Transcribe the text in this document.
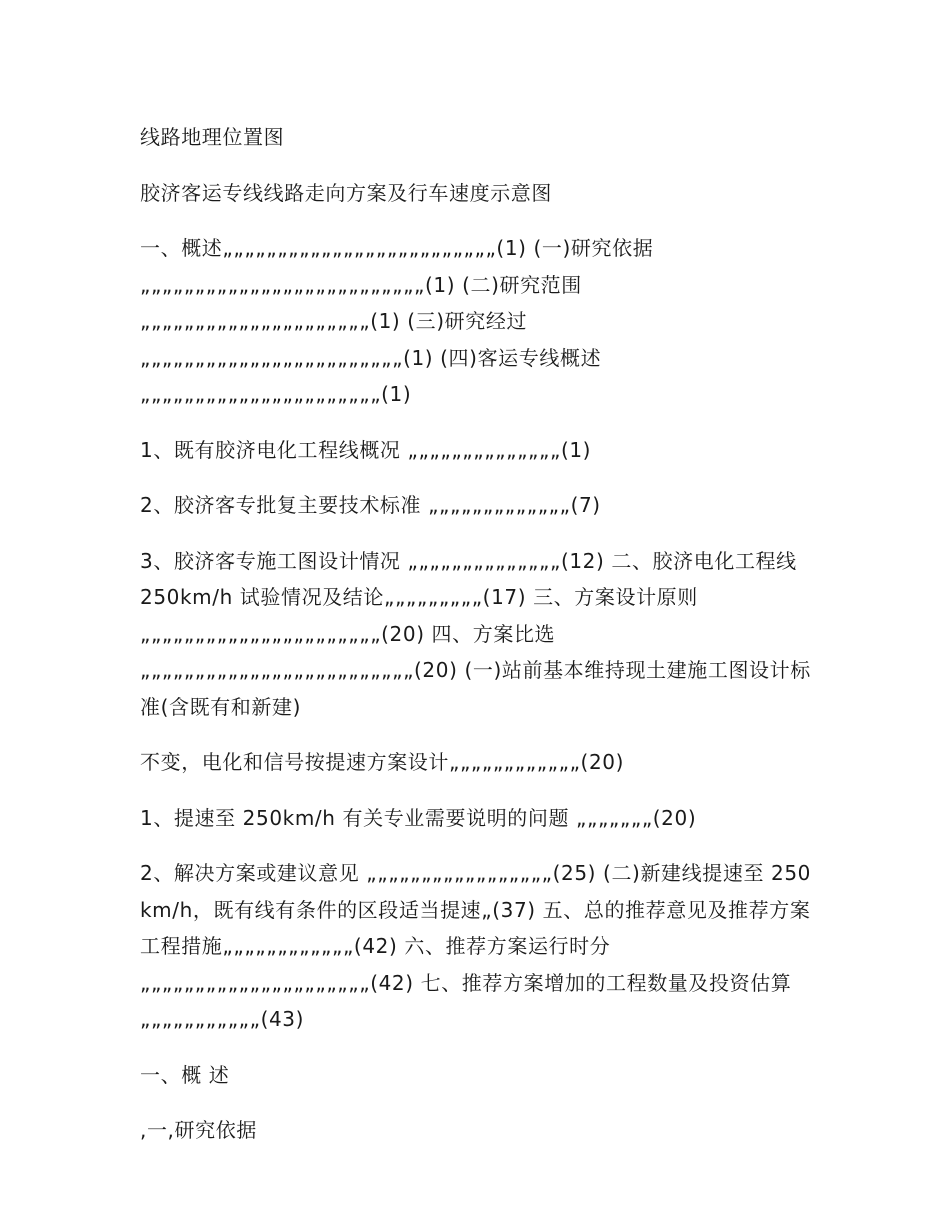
线路地理位置图

胶济客运专线线路走向方案及行车速度示意图

一、概述„„„„„„„„„„„„„„„„„„„„„„„„„(1) (一)研究依据„„„„„„„„„„„„„„„„„„„„„„„„„„(1) (二)研究范围„„„„„„„„„„„„„„„„„„„„„(1) (三)研究经过„„„„„„„„„„„„„„„„„„„„„„„„(1) (四)客运专线概述„„„„„„„„„„„„„„„„„„„„„„(1)

1、既有胶济电化工程线概况 „„„„„„„„„„„„„„(1)

2、胶济客专批复主要技术标准 „„„„„„„„„„„„„(7)

3、胶济客专施工图设计情况 „„„„„„„„„„„„„„(12) 二、胶济电化工程线 250km/h 试验情况及结论„„„„„„„„„(17) 三、方案设计原则„„„„„„„„„„„„„„„„„„„„„„(20) 四、方案比选„„„„„„„„„„„„„„„„„„„„„„„„„(20) (一)站前基本维持现土建施工图设计标准(含既有和新建)

不变，电化和信号按提速方案设计„„„„„„„„„„„„(20)

1、提速至 250km/h 有关专业需要说明的问题 „„„„„„„(20)

2、解决方案或建议意见 „„„„„„„„„„„„„„„„„(25) (二)新建线提速至 250km/h，既有线有条件的区段适当提速„(37) 五、总的推荐意见及推荐方案工程措施„„„„„„„„„„„„(42) 六、推荐方案运行时分„„„„„„„„„„„„„„„„„„„„„(42) 七、推荐方案增加的工程数量及投资估算„„„„„„„„„„„(43)

一、概 述

,一,研究依据
